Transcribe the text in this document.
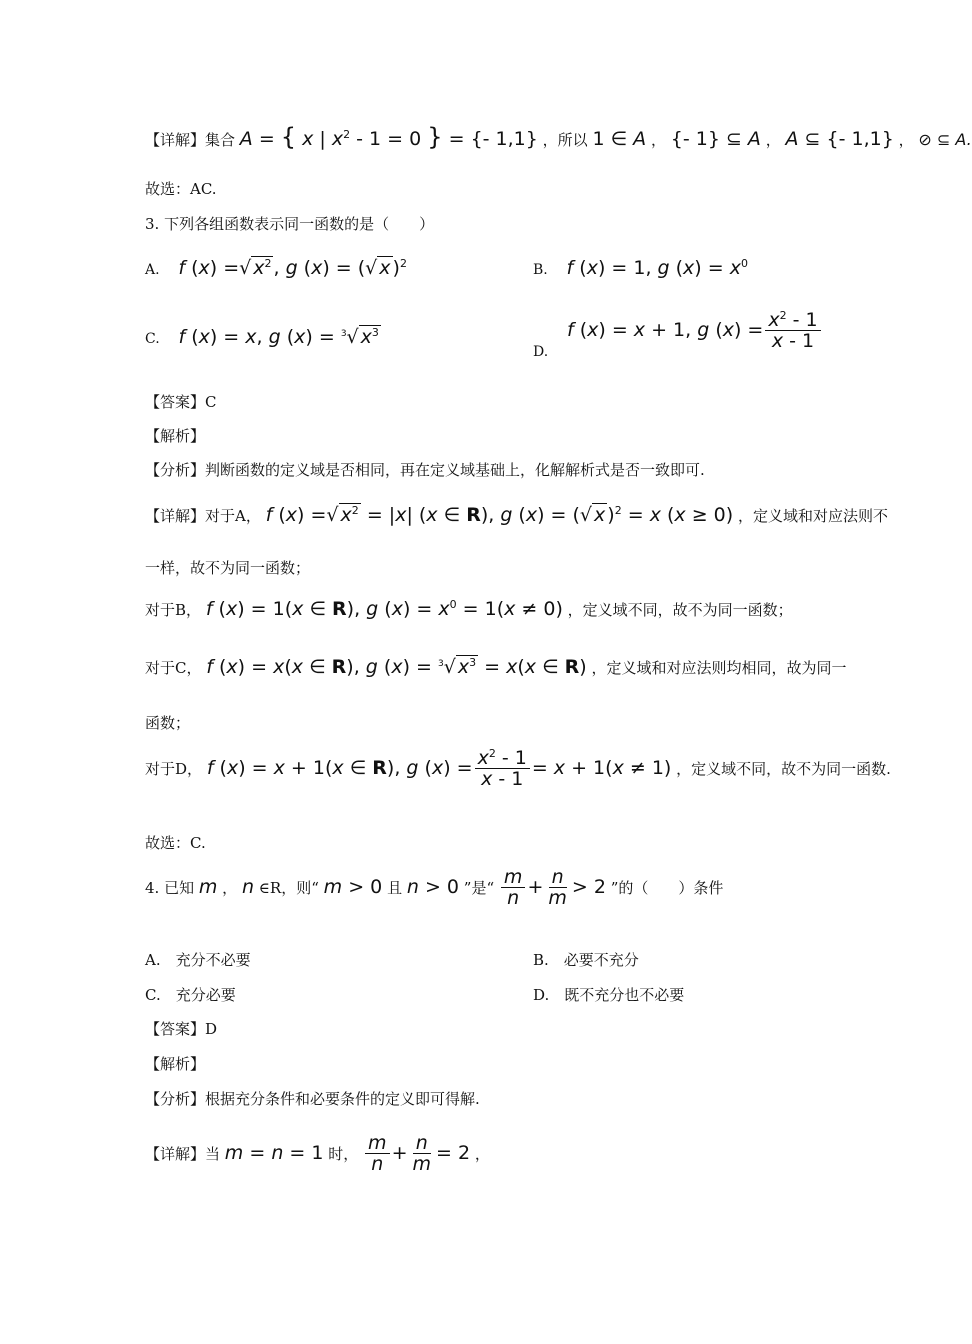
【详解】集合 A = { x | $x^2 - 1 = 0$ } = {- 1,1} ，所以 1 ∈ A ， {- 1} ⊆ A ， A ⊆ {- 1,1} ， ⊘ ⊆ A.
故选：AC.
3. 下列各组函数表示同一函数的是（　　）
A. f (x) =√ $x^2$ , g (x) = (√ x )$^2$	B. f (x) = 1, g $(x) = x^0$
C. f (x) = x, g (x) = $^3$√ $x^3$
D. f (x) = x + 1, g $(x) = \frac{x^2 - 1}{x - 1}$
【答案】C
【解析】
【分析】判断函数的定义域是否相同，再在定义域基础上，化解解析式是否一致即可.
【详解】对于A， f (x) =√ $x^2 = |x|$ (x ∈ R), g (x) = (√ x )$^2$ = x (x ≥ 0) ，定义域和对应法则不
一样，故不为同一函数；
对于B， f (x) = 1(x ∈ R), g $(x) = x^0 = 1(x \ne 0)$ ，定义域不同，故不为同一函数；
对于C， f (x) = x(x ∈ R), g (x) = $^3$√ $x^3 = x(x$ ∈ R) ，定义域和对应法则均相同，故为同一
函数；
对于D， f (x) = x + 1(x ∈ R), g $(x) = \frac{x^2 - 1}{x - 1} = x + 1(x \ne 1)$ ，定义域不同，故不为同一函数.
故选：C.
4. 已知 m ， n ∈R，则“ m > 0 且 n > 0 ”是“ $\frac{m}{n} + \frac{n}{m} > 2$ ”的（　　）条件
A.　充分不必要	B.　必要不充分
C.　充分必要	D.　既不充分也不必要
【答案】D
【解析】
【分析】根据充分条件和必要条件的定义即可得解.
【详解】当 m = n = 1 时， $\frac{m}{n} + \frac{n}{m} = 2$ ，
